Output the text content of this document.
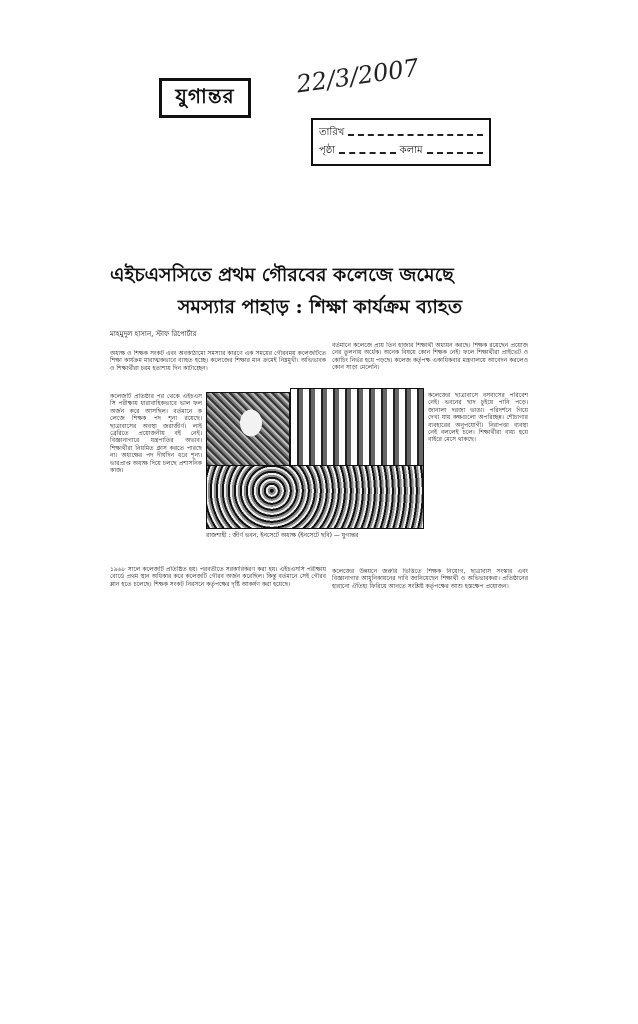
যুগান্তর	22/3/2007
তারিখ
পৃষ্ঠা	কলাম
এইচএসসিতে প্রথম গৌরবের কলেজে জমেছে
সমস্যার পাহাড় : শিক্ষা কার্যক্রম ব্যাহত
মাহমুদুল হাসান, স্টাফ রিপোর্টার
অধ্যক্ষ ও শিক্ষক সংকট এবং অবকাঠামো সমস্যার কারণে এক সময়ের গৌরবময় কলেজটিতে শিক্ষা কার্যক্রম মারাত্মকভাবে ব্যাহত হচ্ছে। কলেজের শিক্ষার মান ক্রমেই নিম্নমুখী। অভিভাবক ও শিক্ষার্থীরা চরম হতাশায় দিন কাটাচ্ছেন।
কলেজটি প্রতিষ্ঠার পর থেকে এইচএসসি পরীক্ষায় ধারাবাহিকভাবে ভাল ফল অর্জন করে আসছিল। বর্তমানে কলেজে শিক্ষক পদ শূন্য রয়েছে। ছাত্রাবাসের অবস্থা জরাজীর্ণ। লাইব্রেরিতে প্রয়োজনীয় বই নেই। বিজ্ঞানাগারে যন্ত্রপাতির অভাব। শিক্ষার্থীরা নিয়মিত ক্লাস করতে পারছে না। অধ্যক্ষের পদ দীর্ঘদিন ধরে শূন্য। ভারপ্রাপ্ত অধ্যক্ষ দিয়ে চলছে প্রশাসনিক কাজ।
১৯৬৮ সালে কলেজটি প্রতিষ্ঠিত হয়। পরবর্তীতে সরকারিকরণ করা হয়। এইচএসসি পরীক্ষায় বোর্ডে প্রথম স্থান অধিকার করে কলেজটি গৌরব অর্জন করেছিল। কিন্তু বর্তমানে সেই গৌরব ম্লান হতে চলেছে। শিক্ষক সংকট নিরসনে কর্তৃপক্ষের দৃষ্টি আকর্ষণ করা হয়েছে।
বর্তমানে কলেজে প্রায় তিন হাজার শিক্ষার্থী অধ্যয়ন করছে। শিক্ষক রয়েছেন প্রয়োজনের তুলনায় অর্ধেক। অনেক বিষয়ে কোন শিক্ষক নেই। ফলে শিক্ষার্থীরা প্রাইভেট ও কোচিং নির্ভর হয়ে পড়ছে। কলেজ কর্তৃপক্ষ একাধিকবার মন্ত্রণালয়ে আবেদন করলেও কোন সাড়া মেলেনি।
কলেজের ছাত্রাবাসে বসবাসের পরিবেশ নেই। ভবনের ছাদ চুইয়ে পানি পড়ে। জানালা দরজা ভাঙা। পরিদর্শনে গিয়ে দেখা যায় কক্ষগুলো অপরিচ্ছন্ন। শৌচাগার ব্যবহারের অনুপযোগী। নিরাপত্তা ব্যবস্থা নেই বললেই চলে। শিক্ষার্থীরা বাধ্য হয়ে বাইরে মেসে থাকছে।
কলেজের উন্নয়নে জরুরি ভিত্তিতে শিক্ষক নিয়োগ, ছাত্রাবাস সংস্কার এবং বিজ্ঞানাগার আধুনিকায়নের দাবি জানিয়েছেন শিক্ষার্থী ও অভিভাবকরা। প্রতিষ্ঠানের হারানো ঐতিহ্য ফিরিয়ে আনতে সংশ্লিষ্ট কর্তৃপক্ষের আশু হস্তক্ষেপ প্রয়োজন।
রাজশাহী : জীর্ণ ভবন, ইনসেটে অধ্যক্ষ (ইনসেটে ছবি) — যুগান্তর
